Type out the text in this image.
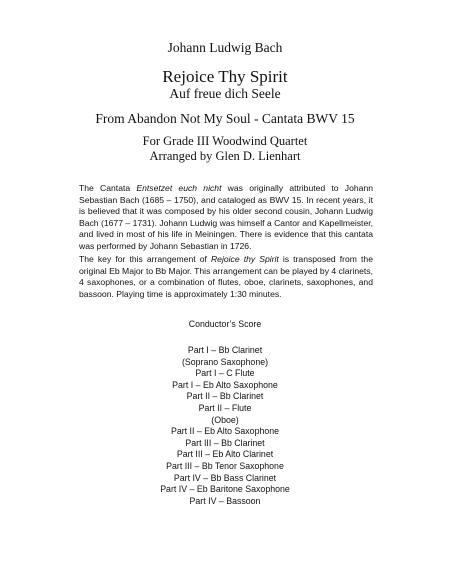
Johann Ludwig Bach
Rejoice Thy Spirit
Auf freue dich Seele
From Abandon Not My Soul - Cantata BWV 15
For Grade III Woodwind Quartet
Arranged by Glen D. Lienhart

The Cantata Entsetzet euch nicht was originally attributed to Johann Sebastian Bach (1685 – 1750), and cataloged as BWV 15. In recent years, it is believed that it was composed by his older second cousin, Johann Ludwig Bach (1677 – 1731). Johann Ludwig was himself a Cantor and Kapellmeister, and lived in most of his life in Meiningen. There is evidence that this cantata was performed by Johann Sebastian in 1726.

The key for this arrangement of Rejoice thy Spirit is transposed from the original Eb Major to Bb Major. This arrangement can be played by 4 clarinets, 4 saxophones, or a combination of flutes, oboe, clarinets, saxophones, and bassoon. Playing time is approximately 1:30 minutes.

Conductor’s Score
Part I – Bb Clarinet
(Soprano Saxophone)
Part I – C Flute
Part I – Eb Alto Saxophone
Part II – Bb Clarinet
Part II – Flute
(Oboe)
Part II – Eb Alto Saxophone
Part III – Bb Clarinet
Part III – Eb Alto Clarinet
Part III – Bb Tenor Saxophone
Part IV – Bb Bass Clarinet
Part IV – Eb Baritone Saxophone
Part IV – Bassoon
